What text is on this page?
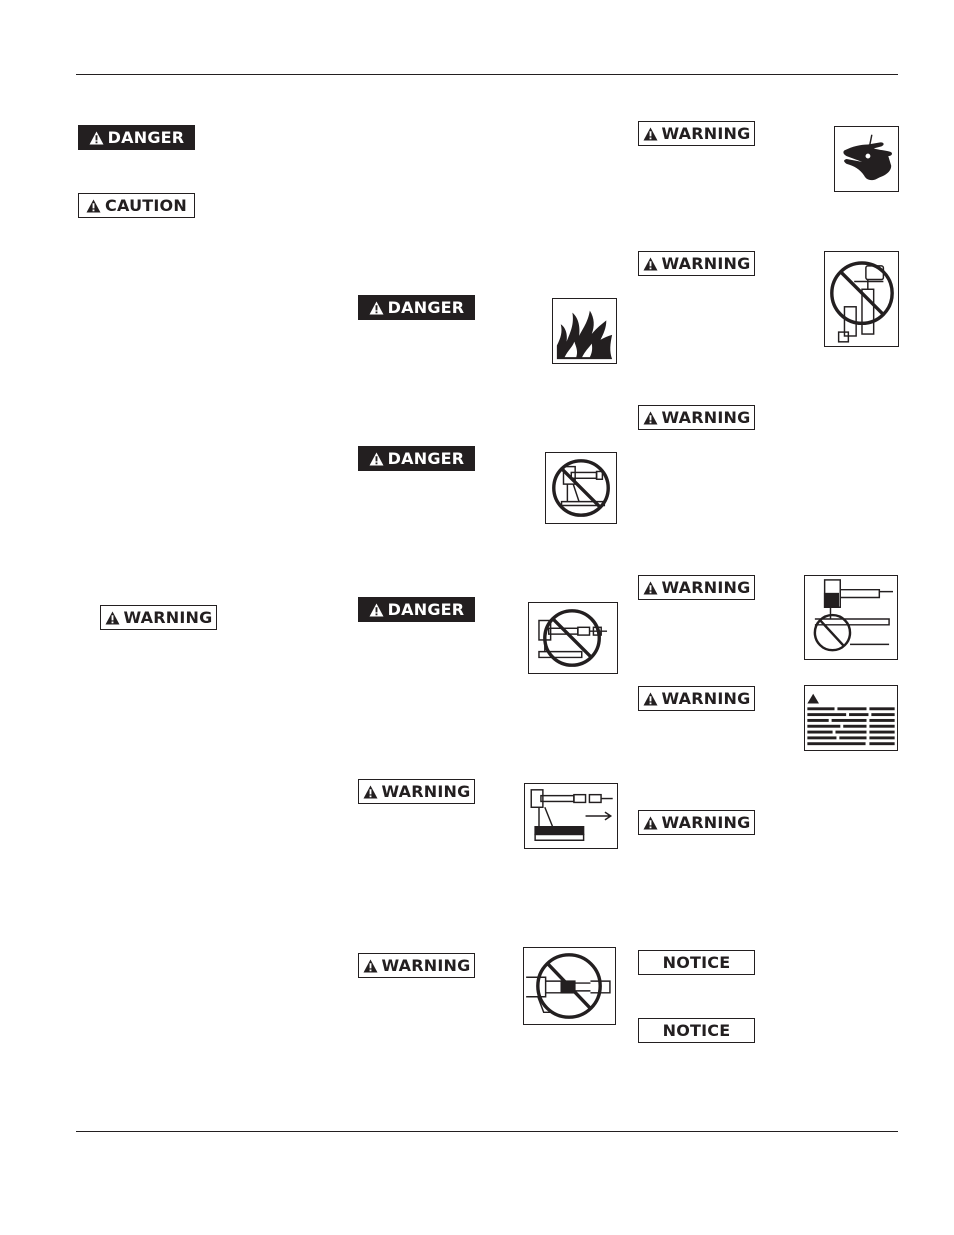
DANGER
CAUTION
WARNING
DANGER
DANGER
DANGER
WARNING
WARNING
WARNING
WARNING
WARNING
WARNING
WARNING
WARNING
NOTICE
NOTICE
